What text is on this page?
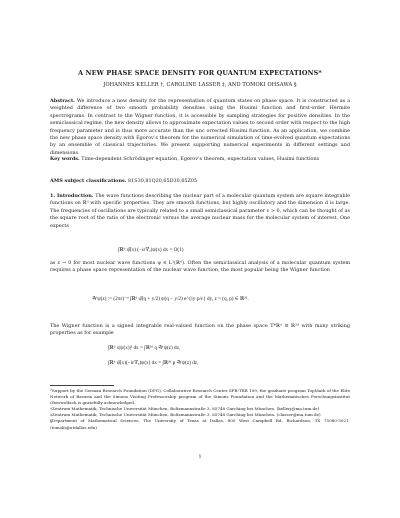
A NEW PHASE SPACE DENSITY FOR QUANTUM EXPECTATIONS*
JOHANNES KELLER †, CAROLINE LASSER ‡, AND TOMOKI OHSAWA §
Abstract. We introduce a new density for the representation of quantum states on phase space. It is constructed as a weighted difference of two smooth probability densities using the Husimi function and first-order Hermite spectrograms. In contrast to the Wigner function, it is accessible by sampling strategies for positive densities. In the semiclassical regime, the new density allows to approximate expectation values to second order with respect to the high frequency parameter and is thus more accurate than the unc orrected Husimi function. As an application, we combine the new phase space density with Egorov’s theorem for the numerical simulation of time-evolved quantum expectations by an ensemble of classical trajectories. We present supporting numerical experiments in different settings and dimensions.
Key words. Time-dependent Schrödinger equation, Egorov’s theorem, expectation values, Husimi functions
AMS subject classifications. 81S30,81Q20,65D30,65Z05
1. Introduction. The wave functions describing the nuclear part of a molecular quantum system are square integrable functions on ℝᵈ with specific properties. They are smooth functions, but highly oscillatory and the dimension d is large. The frequencies of oscillations are typically related to a small semiclassical parameter ε > 0, which can be thought of as the square root of the ratio of the electronic versus the average nuclear mass for the molecular system of interest. One expects
∫ℝᵈ ψ̅(x) (−iε∇ₓ)ψ(x) dx = O(1)
as ε → 0 for most nuclear wave functions ψ ∈ L²(ℝᵈ). Often the semiclassical analysis of a molecular quantum system requires a phase space representation of the nuclear wave function, the most popular being the Wigner function
𝒲ψ(z) := (2πε)⁻ᵈ ∫ℝᵈ ψ̅(q + y/2) ψ(q − y/2) e^{iy·p/ε} dy, z = (q, p) ∈ ℝ²ᵈ.
The Wigner function is a signed integrable real-valued function on the phase space T*ℝᵈ ≅ ℝ²ᵈ with many striking properties as for example
∫ℝᵈ x|ψ(x)|² dx = ∫ℝ²ᵈ q 𝒲ψ(z) dz,
∫ℝᵈ ψ̅(x)(−iε∇ₓ)ψ(x) dx = ∫ℝ²ᵈ p 𝒲ψ(z) dz,

*Support by the German Research Foundation (DFG), Collaborative Research Center SFB-TRR 109, the graduate program TopMath of the Elite Network of Bavaria and the Simons Visiting Professorship program of the Simons Foundation and the Mathematisches Forschungsinstitut Oberwolfach is gratefully acknowledged.

†Zentrum Mathematik, Technische Universität München, Boltzmannstraße 3, 85748 Garching bei München. (kellerj@ma.tum.de)

‡Zentrum Mathematik, Technische Universität München, Boltzmannstraße 3, 85748 Garching bei München. (classer@ma.tum.de)

§Department of Mathematical Sciences, The University of Texas at Dallas, 800 West Campbell Rd, Richardson, TX 75080-3021. (tomoki@utdallas.edu)

1
